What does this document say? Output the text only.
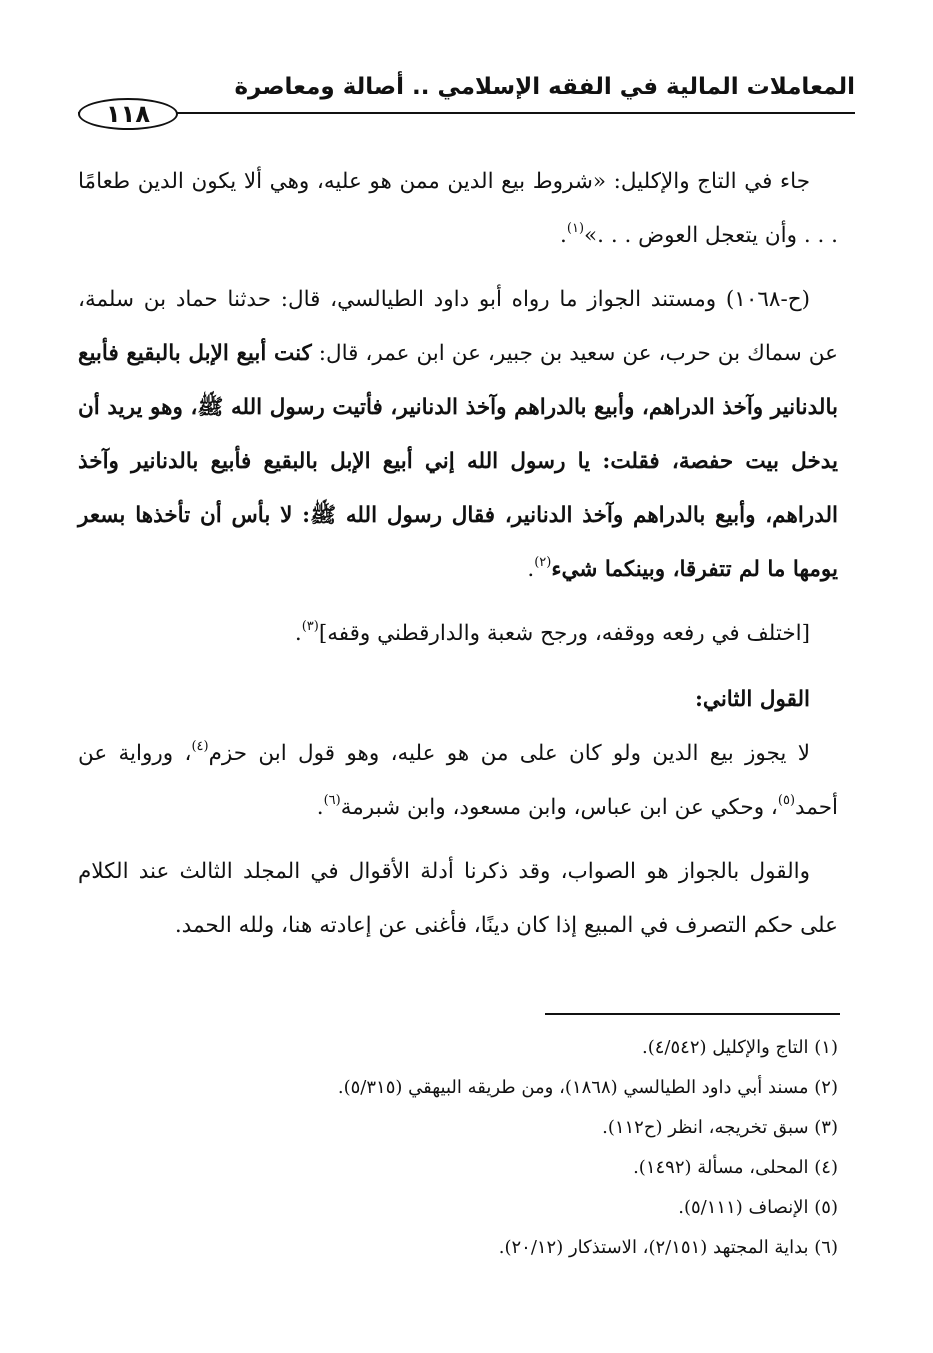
المعاملات المالية في الفقه الإسلامي .. أصالة ومعاصرة
١١٨

جاء في التاج والإكليل: «شروط بيع الدين ممن هو عليه، وهي ألا يكون الدين طعامًا . . . وأن يتعجل العوض . . .»$^{(١)}$.

(ح-١٠٦٨) ومستند الجواز ما رواه أبو داود الطيالسي، قال: حدثنا حماد بن سلمة، عن سماك بن حرب، عن سعيد بن جبير، عن ابن عمر، قال: كنت أبيع الإبل بالبقيع فأبيع بالدنانير وآخذ الدراهم، وأبيع بالدراهم وآخذ الدنانير، فأتيت رسول الله ﷺ، وهو يريد أن يدخل بيت حفصة، فقلت: يا رسول الله إني أبيع الإبل بالبقيع فأبيع بالدنانير وآخذ الدراهم، وأبيع بالدراهم وآخذ الدنانير، فقال رسول الله ﷺ: لا بأس أن تأخذها بسعر يومها ما لم تتفرقا، وبينكما شيء$^{(٢)}$.

[اختلف في رفعه ووقفه، ورجح شعبة والدارقطني وقفه]$^{(٣)}$.

القول الثاني:

لا يجوز بيع الدين ولو كان على من هو عليه، وهو قول ابن حزم$^{(٤)}$، ورواية عن أحمد$^{(٥)}$، وحكي عن ابن عباس، وابن مسعود، وابن شبرمة$^{(٦)}$.

والقول بالجواز هو الصواب، وقد ذكرنا أدلة الأقوال في المجلد الثالث عند الكلام على حكم التصرف في المبيع إذا كان دينًا، فأغنى عن إعادته هنا، ولله الحمد.

(١) التاج والإكليل (٤/٥٤٢).
(٢) مسند أبي داود الطيالسي (١٨٦٨)، ومن طريقه البيهقي (٥/٣١٥).
(٣) سبق تخريجه، انظر (ح١١٢).
(٤) المحلى، مسألة (١٤٩٢).
(٥) الإنصاف (٥/١١١).
(٦) بداية المجتهد (٢/١٥١)، الاستذكار (٢٠/١٢).
